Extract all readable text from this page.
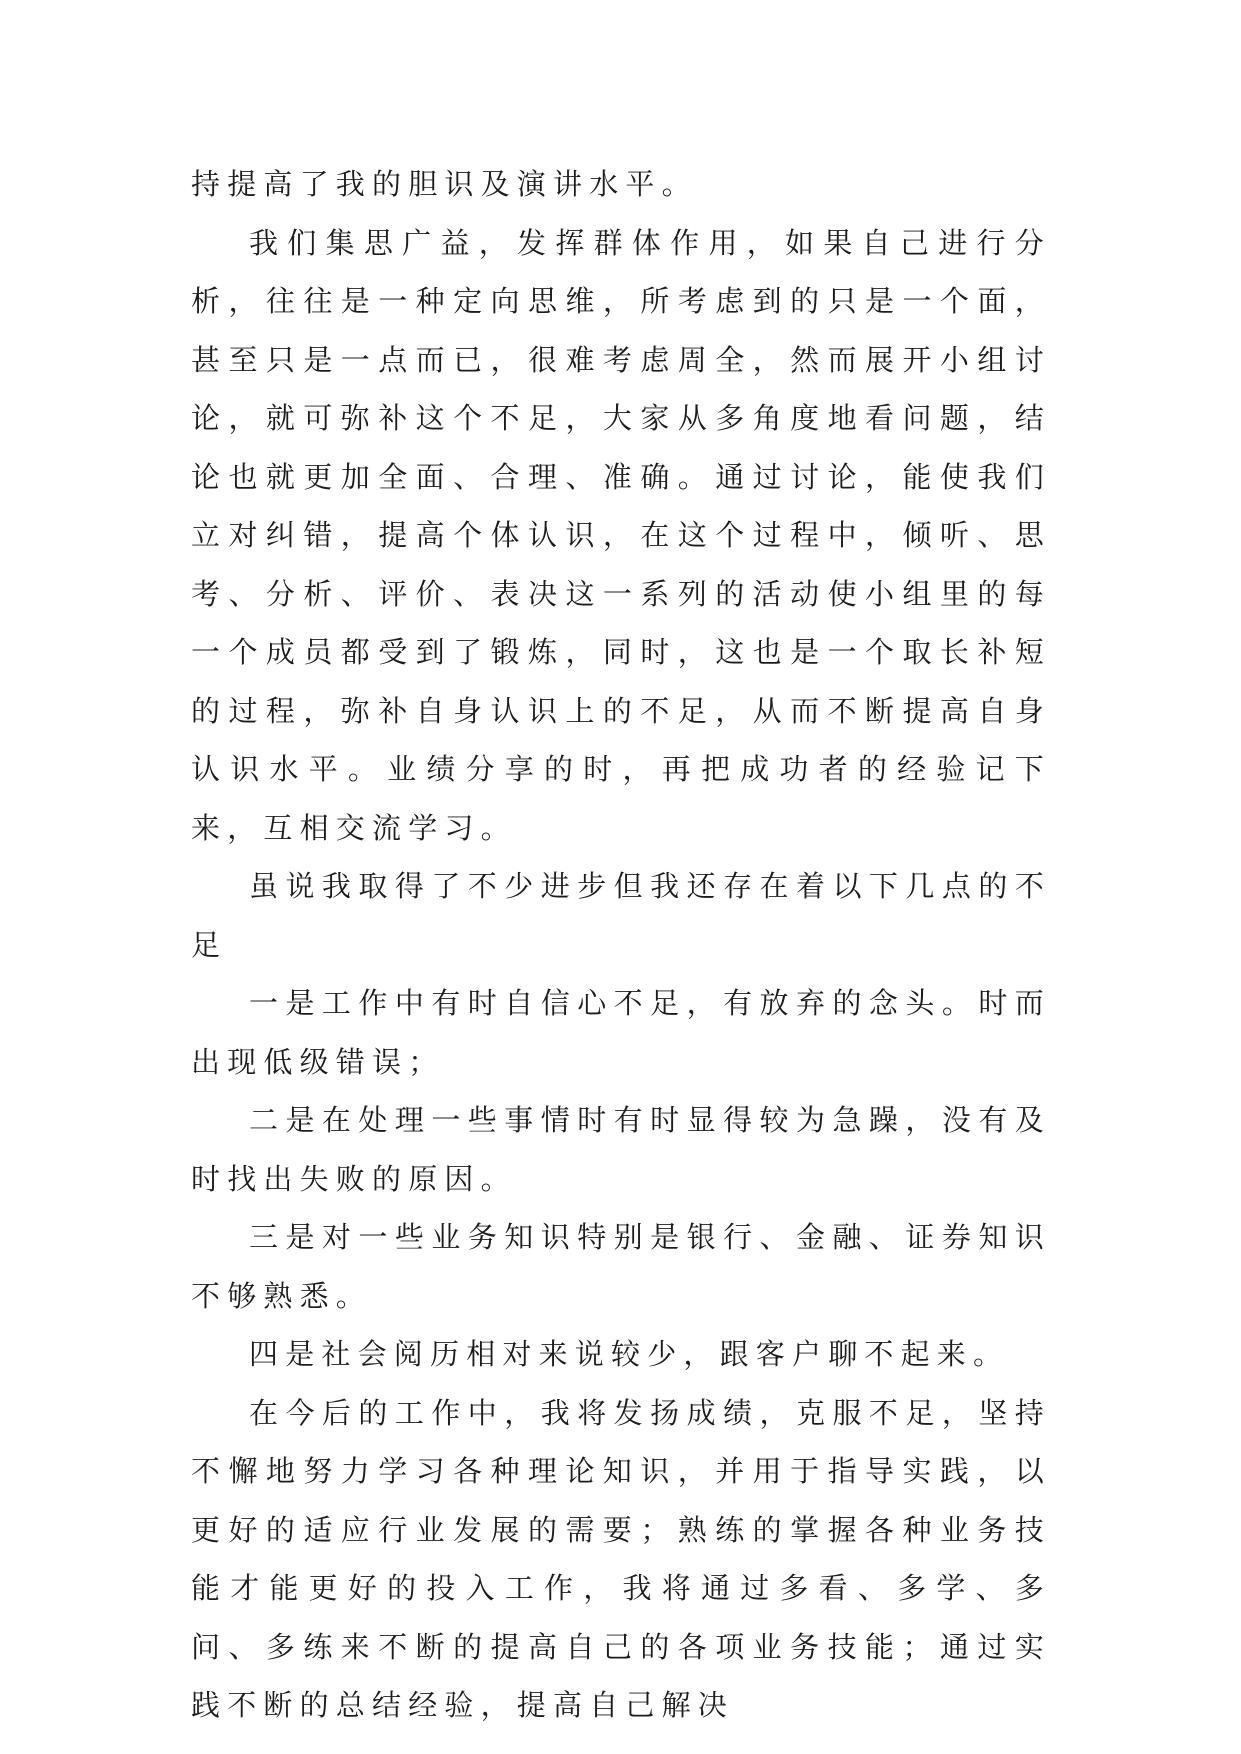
持提高了我的胆识及演讲水平。

我们集思广益，发挥群体作用，如果自己进行分析，往往是一种定向思维，所考虑到的只是一个面，甚至只是一点而已，很难考虑周全，然而展开小组讨论，就可弥补这个不足，大家从多角度地看问题，结论也就更加全面、合理、准确。通过讨论，能使我们立对纠错，提高个体认识，在这个过程中，倾听、思考、分析、评价、表决这一系列的活动使小组里的每一个成员都受到了锻炼，同时，这也是一个取长补短的过程，弥补自身认识上的不足，从而不断提高自身认识水平。业绩分享的时，再把成功者的经验记下来，互相交流学习。

虽说我取得了不少进步但我还存在着以下几点的不足

一是工作中有时自信心不足，有放弃的念头。时而出现低级错误；

二是在处理一些事情时有时显得较为急躁，没有及时找出失败的原因。

三是对一些业务知识特别是银行、金融、证券知识不够熟悉。

四是社会阅历相对来说较少，跟客户聊不起来。

在今后的工作中，我将发扬成绩，克服不足，坚持不懈地努力学习各种理论知识，并用于指导实践，以更好的适应行业发展的需要；熟练的掌握各种业务技能才能更好的投入工作，我将通过多看、多学、多问、多练来不断的提高自己的各项业务技能；通过实践不断的总结经验，提高自己解决
